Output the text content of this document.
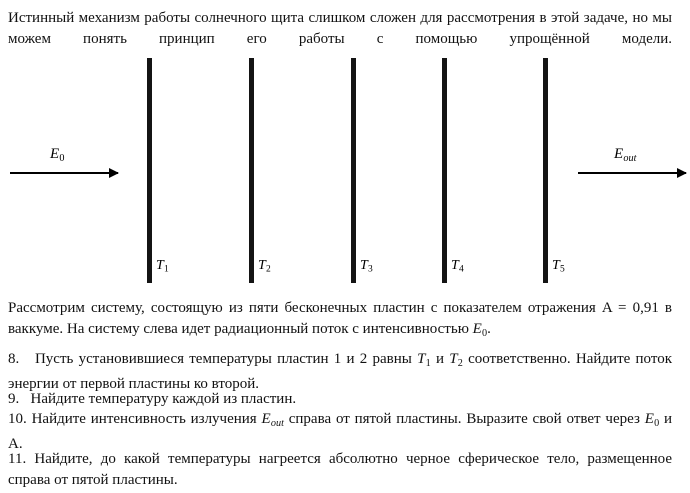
Истинный механизм работы солнечного щита слишком сложен для рассмотрения в этой задаче, но мы можем понять принцип его работы с помощью упрощённой модели.
$E_0$
$T_1$	$T_2$	$T_3$	$T_4$	$T_5$
$E_{out}$
Рассмотрим систему, состоящую из пяти бесконечных пластин с показателем отражения A = 0,91 в ваккуме. На систему слева идет радиационный поток с интенсивностью $E_0$.
8. Пусть установившиеся температуры пластин 1 и 2 равны $T_1$ и $T_2$ соответственно. Найдите поток энергии от первой пластины ко второй.
9. Найдите температуру каждой из пластин.
10. Найдите интенсивность излучения $E_{out}$ справа от пятой пластины. Выразите свой ответ через $E_0$ и A.
11. Найдите, до какой температуры нагреется абсолютно черное сферическое тело, размещенное справа от пятой пластины.
